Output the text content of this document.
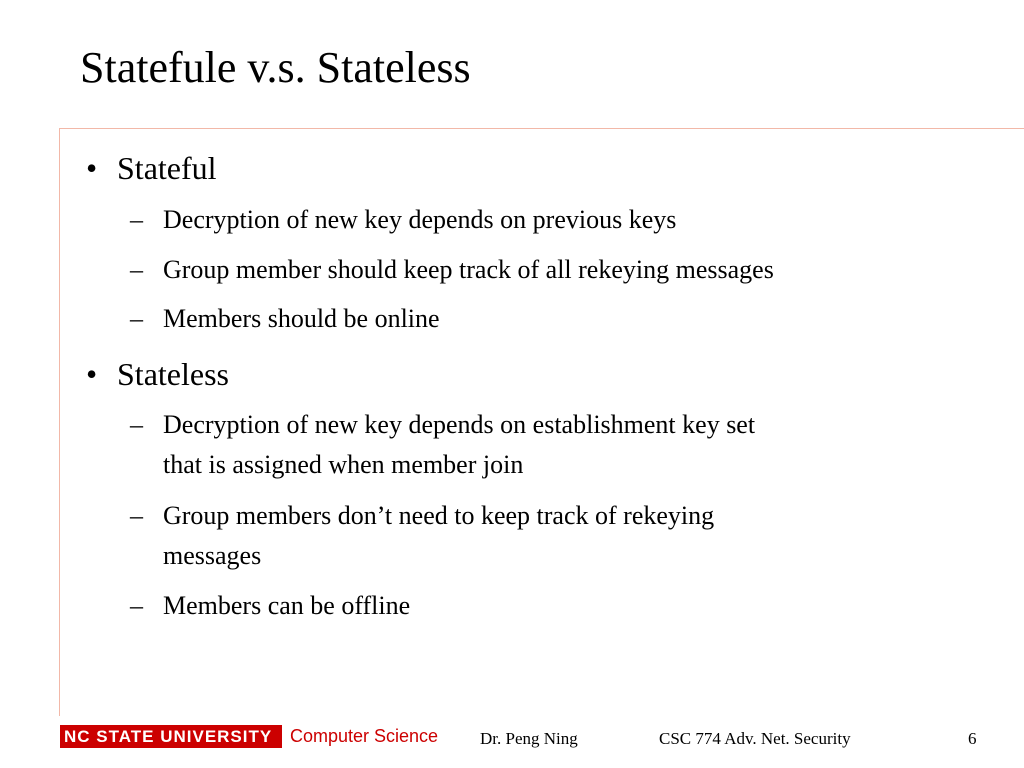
Statefule v.s. Stateless
• Stateful
– Decryption of new key depends on previous keys
– Group member should keep track of all rekeying messages
– Members should be online
• Stateless
– Decryption of new key depends on establishment key set
that is assigned when member join
– Group members don’t need to keep track of rekeying
messages
– Members can be offline
NC STATE UNIVERSITY Computer Science Dr. Peng Ning	CSC 774 Adv. Net. Security	6
